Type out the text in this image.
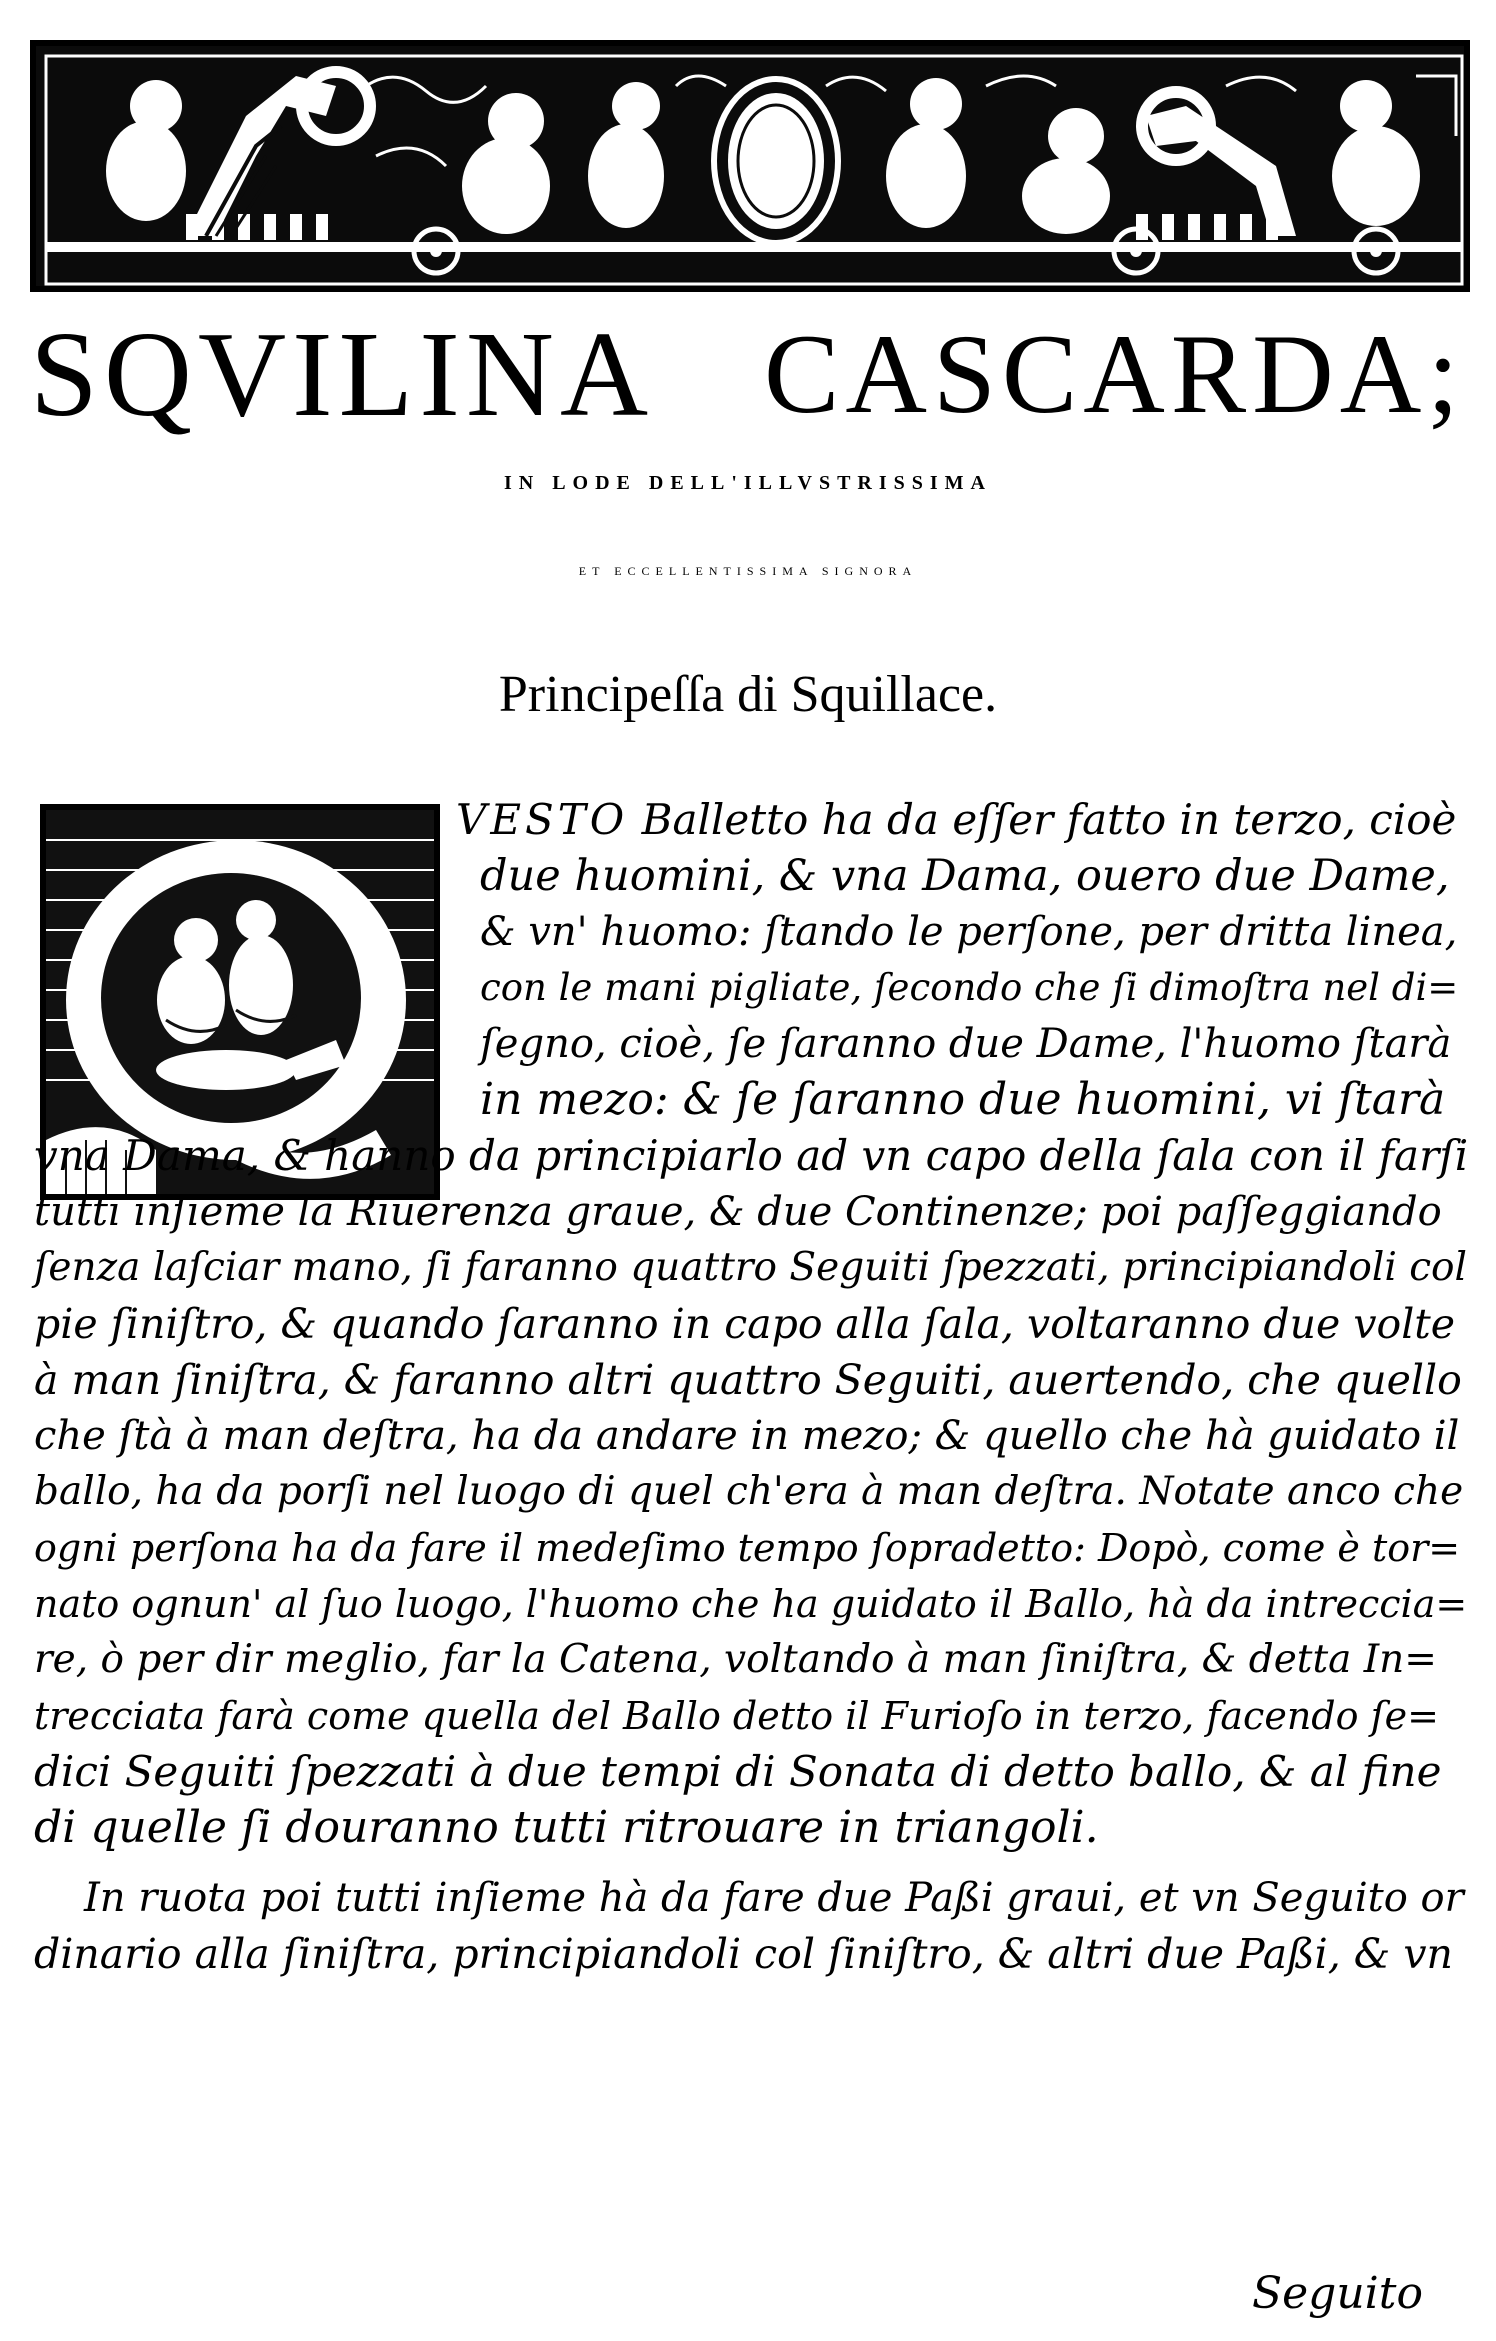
SQVILINA CASCARDA;
IN LODE DELL'ILLVSTRISSIMA
ET ECCELLENTISSIMA SIGNORA
Principeſſa di Squillace.
VESTO Balletto ha da eſſer fatto in terzo, cioè
due huomini, & vna Dama, ouero due Dame,
& vn' huomo: ſtando le perſone, per dritta linea,
con le mani pigliate, ſecondo che ſi dimoſtra nel di=
ſegno, cioè, ſe ſaranno due Dame, l'huomo ſtarà
in mezo: & ſe ſaranno due huomini, vi ſtarà
vna Dama, & hanno da principiarlo ad vn capo della ſala con il farſi
tutti inſieme la Riuerenza graue, & due Continenze; poi paſſeggiando
ſenza laſciar mano, ſi faranno quattro Seguiti ſpezzati, principiandoli col
pie ſiniſtro, & quando ſaranno in capo alla ſala, voltaranno due volte
à man ſiniſtra, & faranno altri quattro Seguiti, auertendo, che quello
che ſtà à man deſtra, ha da andare in mezo; & quello che hà guidato il
ballo, ha da porſi nel luogo di quel ch'era à man deſtra. Notate anco che
ogni perſona ha da fare il medeſimo tempo ſopradetto: Dopò, come è tor=
nato ognun' al ſuo luogo, l'huomo che ha guidato il Ballo, hà da intreccia=
re, ò per dir meglio, far la Catena, voltando à man ſiniſtra, & detta In=
trecciata farà come quella del Ballo detto il Furioſo in terzo, facendo ſe=
dici Seguiti ſpezzati à due tempi di Sonata di detto ballo, & al fine
di quelle ſi douranno tutti ritrouare in triangoli.
In ruota poi tutti inſieme hà da fare due Paßi graui, et vn Seguito or
dinario alla ſiniſtra, principiandoli col ſiniſtro, & altri due Paßi, & vn
Seguito
